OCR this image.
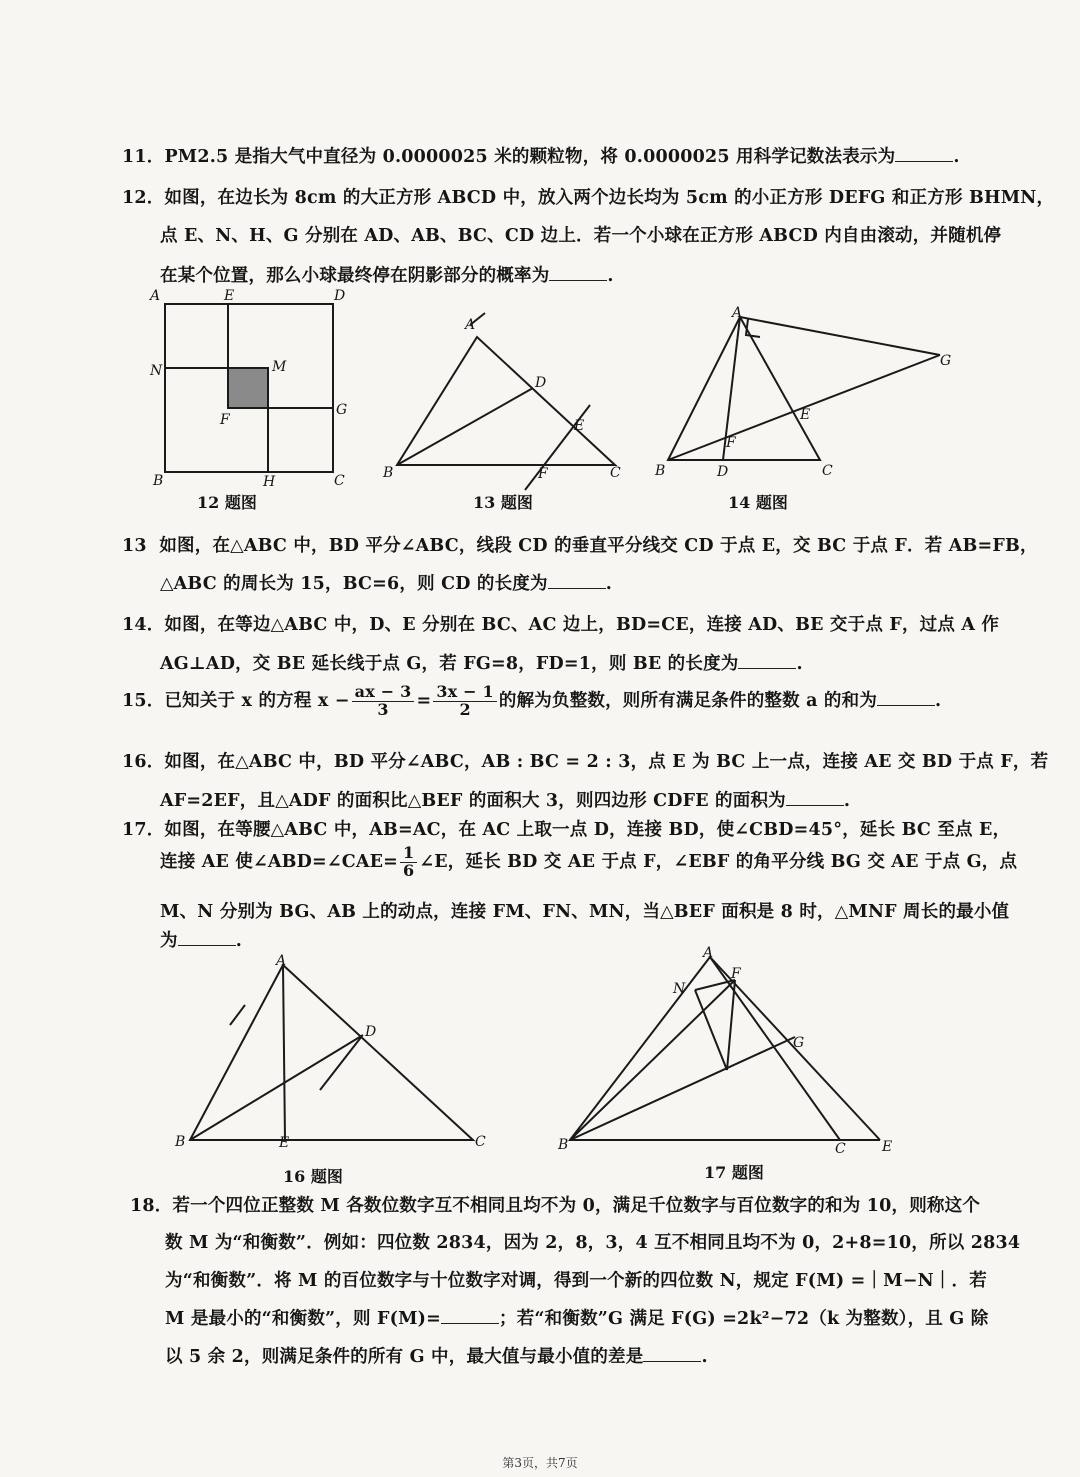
11．PM2.5 是指大气中直径为 0.0000025 米的颗粒物，将 0.0000025 用科学记数法表示为	.
12．如图，在边长为 8cm 的大正方形 ABCD 中，放入两个边长均为 5cm 的小正方形 DEFG 和正方形 BHMN，
点 E、N、H、G 分别在 AD、AB、BC、CD 边上．若一个小球在正方形 ABCD 内自由滚动，并随机停
在某个位置，那么小球最终停在阴影部分的概率为	.
A	E	D
N	M
F
G
B	H	C
12 题图
A
D
E
B	F	C
13 题图
A
G
E
F
B	D	C
14 题图
13 如图，在△ABC 中，BD 平分∠ABC，线段 CD 的垂直平分线交 CD 于点 E，交 BC 于点 F．若 AB=FB，
△ABC 的周长为 15，BC=6，则 CD 的长度为	.
14．如图，在等边△ABC 中，D、E 分别在 BC、AC 边上，BD=CE，连接 AD、BE 交于点 F，过点 A 作
AG⊥AD，交 BE 延长线于点 G，若 FG=8，FD=1，则 BE 的长度为	.
15．已知关于 x 的方程 $x - \frac{ax - 3}{3} = \frac{3x - 1}{2}$ 的解为负整数，则所有满足条件的整数 a 的和为	.
16．如图，在△ABC 中，BD 平分∠ABC，AB : BC = 2 : 3，点 E 为 BC 上一点，连接 AE 交 BD 于点 F，若
AF=2EF，且△ADF 的面积比△BEF 的面积大 3，则四边形 CDFE 的面积为	.
17．如图，在等腰△ABC 中，AB=AC，在 AC 上取一点 D，连接 BD，使∠CBD=45°，延长 BC 至点 E，
连接 AE 使∠ABD=∠CAE= $\frac{1}{6}$ ∠E，延长 BD 交 AE 于点 F，∠EBF 的角平分线 BG 交 AE 于点 G，点
M、N 分别为 BG、AB 上的动点，连接 FM、FN、MN，当△BEF 面积是 8 时，△MNF 周长的最小值
为	.
A
D
B	E	C
16 题图
A
N
F
G
B	C	E
17 题图
18．若一个四位正整数 M 各数位数字互不相同且均不为 0，满足千位数字与百位数字的和为 10，则称这个
数 M 为“和衡数”．例如：四位数 2834，因为 2，8，3，4 互不相同且均不为 0，2+8=10，所以 2834
为“和衡数”．将 M 的百位数字与十位数字对调，得到一个新的四位数 N，规定 F(M) =｜M−N｜．若
M 是最小的“和衡数”，则 F(M)=	；若“和衡数”G 满足 F(G) =2k²−72（k 为整数），且 G 除
以 5 余 2，则满足条件的所有 G 中，最大值与最小值的差是	.
第3页，共7页
